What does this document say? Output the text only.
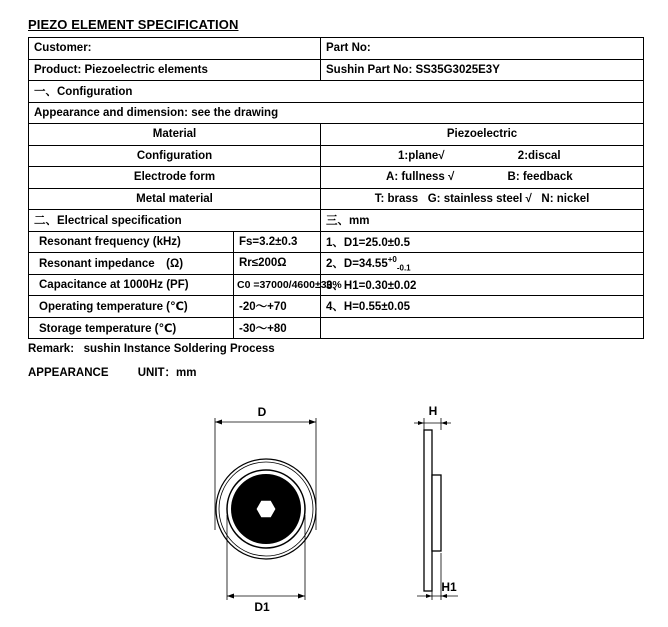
PIEZO ELEMENT SPECIFICATION
Customer:		Part No:
Product: Piezoelectric elements		Sushin Part No: SS35G3025E3Y
一、Configuration		
Appearance and dimension: see the drawing		
Material		Piezoelectric
Configuration		1:plane√ 2:discal
Electrode form		A: fullness √ B: feedback
Metal material		T: brass   G: stainless steel √   N: nickel
二、Electrical specification		三、mm
Resonant frequency (kHz)	Fs=3.2±0.3	1、D1=25.0±0.5
Resonant impedance　(Ω)	Rr≤200Ω	2、$D=34.55^{+0}_{-0.1}$
Capacitance at 1000Hz (PF)	C0 =37000/4600±30%	3、H1=0.30±0.02
Operating temperature (℃)	-20～+70	4、H=0.55±0.05
Storage temperature (℃)	-30～+80	
Remark:   sushin Instance Soldering Process
APPEARANCE	UNIT：mm
D
D1
H
H1
